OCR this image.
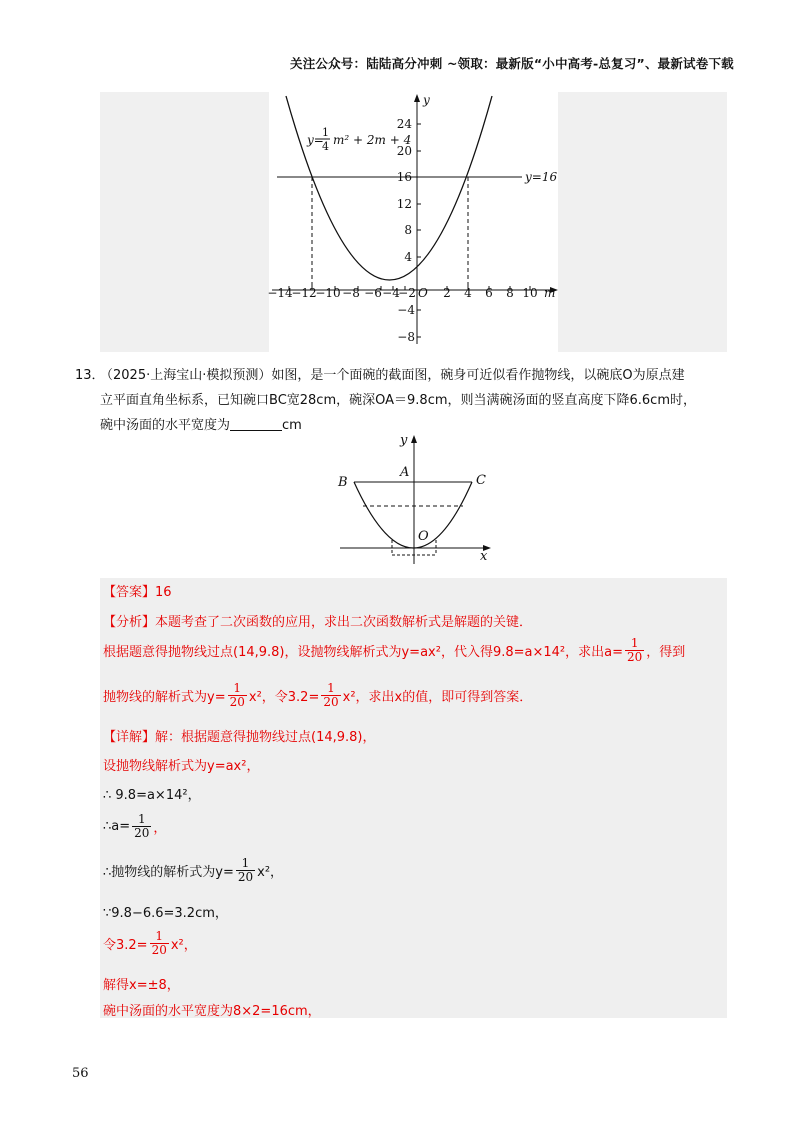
关注公众号：陆陆高分冲刺 ~领取：最新版“小中高考-总复习”、最新试卷下载
24
20
16
12
8
4
−4
−8
−14
−12
−10 −8 −6 −4
−2 2 4 6 8 10
O	m
y
y=16
y=
1
4 m² + 2m + 4
13．
（2025·上海宝山·模拟预测）如图，是一个面碗的截面图，碗身可近似看作抛物线，以碗底O为原点建
立平面直角坐标系，已知碗口BC宽28cm，碗深OA＝9.8cm，则当满碗汤面的竖直高度下降6.6cm时，
碗中汤面的水平宽度为	cm
B	C
A
O
x
y
【答案】16
【分析】本题考查了二次函数的应用，求出二次函数解析式是解题的关键．
根据题意得抛物线过点(14,9.8)，设抛物线解析式为y=ax²，代入得9.8=a×14²，求出$a= \frac{1}{20}$ ，得到
抛物线的解析式为$y= \frac{1}{20} x^2$，令$3.2= \frac{1}{20} x^2$，求出x的值，即可得到答案．
【详解】解：根据题意得抛物线过点(14,9.8)，
设抛物线解析式为y=ax²，
∴ 9.8=a×14²，
∴a= $\frac{1}{20}$ ，
∴抛物线的解析式为$y= \frac{1}{20} x^2$，
∵9.8−6.6=3.2cm，
令$3.2= \frac{1}{20} x^2$，
解得x=±8，
碗中汤面的水平宽度为8×2=16cm，
56
